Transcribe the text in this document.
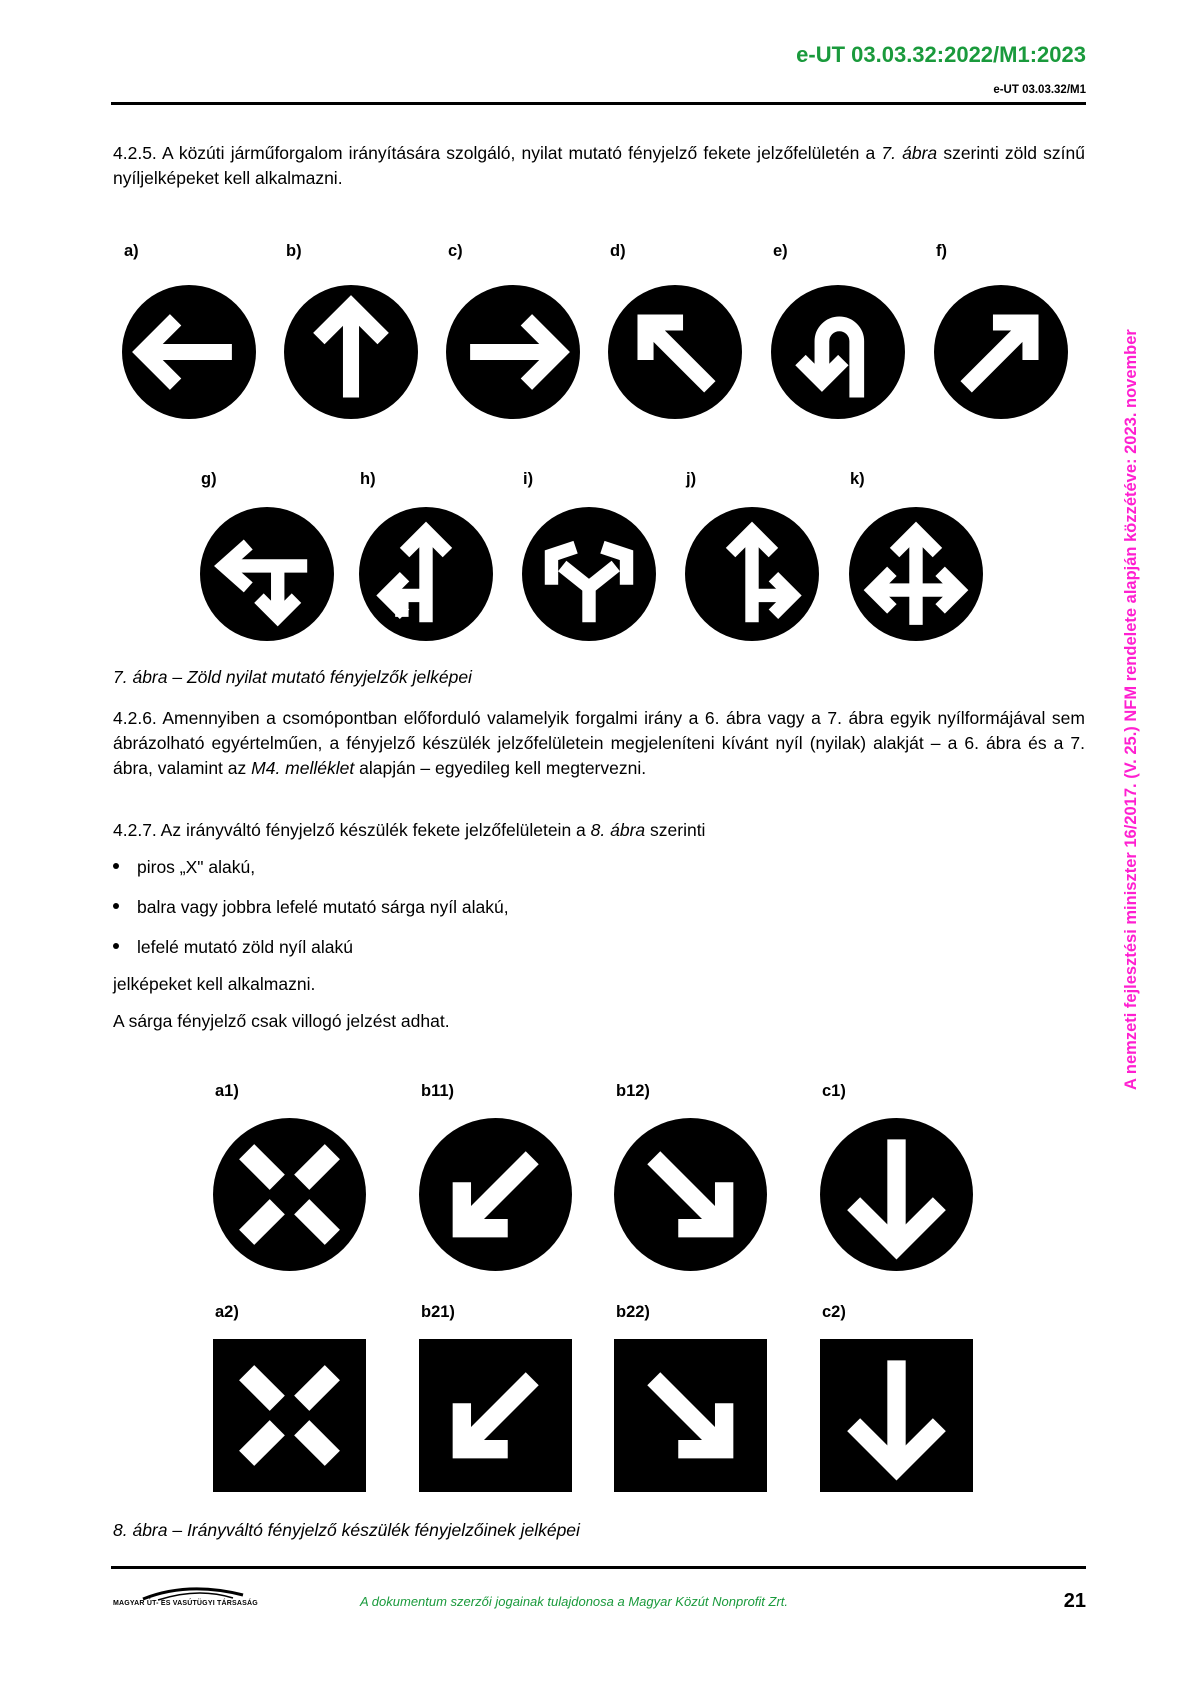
e-UT 03.03.32:2022/M1:2023
e-UT 03.03.32/M1
A nemzeti fejlesztési miniszter 16/2017. (V. 25.) NFM rendelete alapján közzétéve: 2023. november
4.2.5. A közúti járműforgalom irányítására szolgáló, nyilat mutató fényjelző fekete jelzőfelületén a 7. ábra szerinti zöld színű nyíljelképeket kell alkalmazni.
a)	b)	c)	d)	e)	f)
g)	h)	i)	j)	k)
7. ábra – Zöld nyilat mutató fényjelzők jelképei
4.2.6. Amennyiben a csomópontban előforduló valamelyik forgalmi irány a 6. ábra vagy a 7. ábra egyik nyílformájával sem ábrázolható egyértelműen, a fényjelző készülék jelzőfelületein megjeleníteni kívánt nyíl (nyilak) alakját – a 6. ábra és a 7. ábra, valamint az M4. melléklet alapján – egyedileg kell megtervezni.
4.2.7. Az irányváltó fényjelző készülék fekete jelzőfelületein a 8. ábra szerinti
piros „X" alakú,
balra vagy jobbra lefelé mutató sárga nyíl alakú,
lefelé mutató zöld nyíl alakú
jelképeket kell alkalmazni.
A sárga fényjelző csak villogó jelzést adhat.
a1)	b11)	b12)	c1)
a2)	b21)	b22)	c2)
8. ábra – Irányváltó fényjelző készülék fényjelzőinek jelképei
MAGYAR ÚT- ÉS VASÚTÜGYI TÁRSASÁG	A dokumentum szerzői jogainak tulajdonosa a Magyar Közút Nonprofit Zrt.	21
